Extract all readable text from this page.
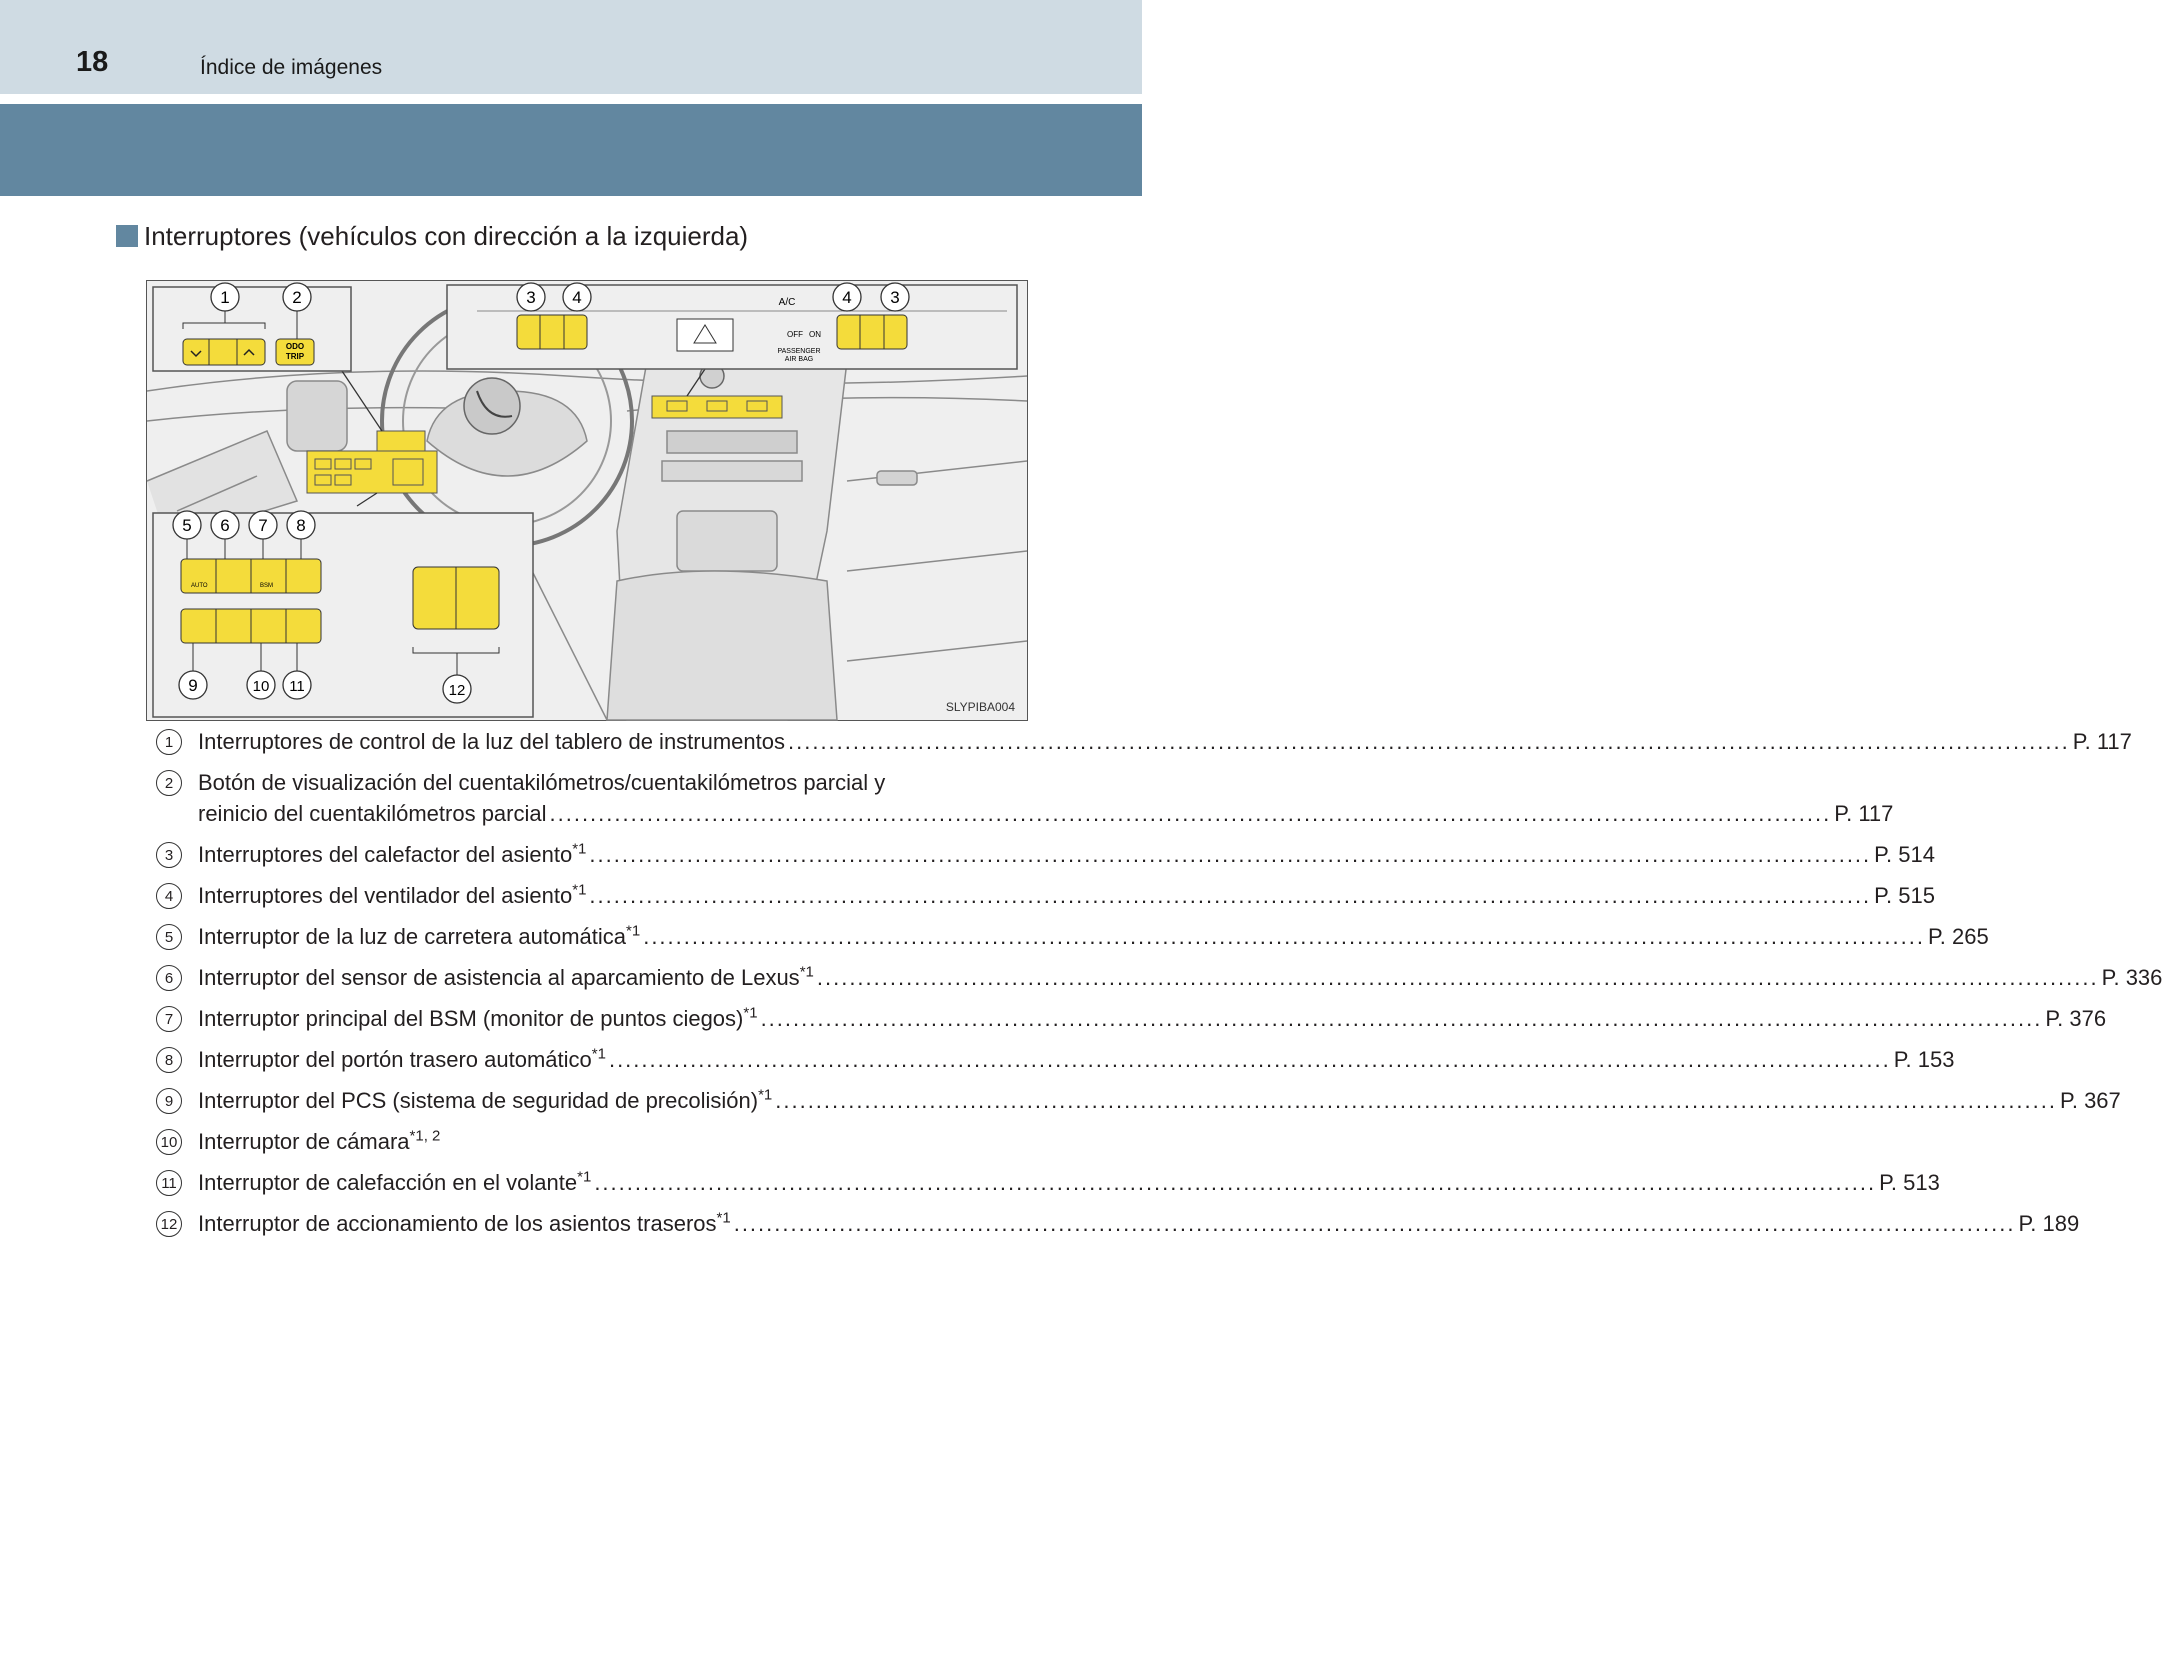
18	Índice de imágenes
Interruptores (vehículos con dirección a la izquierda)
ODO
TRIP
1	2
OFF ON
PASSENGER
AIR BAG
A/C
3 4	4 3
AUTO	BSM
5 6 7 8
9	10 11	12
SLYPIBA004
1	Interruptores de control de la luz del tablero de instrumentos .....	P. 117
2	Botón de visualización del cuentakilómetros/cuentakilómetros parcial y
reinicio del cuentakilómetros parcial .....	P. 117
3	Interruptores del calefactor del asiento$^{*1}$ .....	P. 514
4	Interruptores del ventilador del asiento$^{*1}$ .....	P. 515
5	Interruptor de la luz de carretera automática$^{*1}$ .....	P. 265
6	Interruptor del sensor de asistencia al aparcamiento de Lexus$^{*1}$ .....	P. 336
7	Interruptor principal del BSM (monitor de puntos ciegos)$^{*1}$ .....	P. 376
8	Interruptor del portón trasero automático$^{*1}$ .....	P. 153
9	Interruptor del PCS (sistema de seguridad de precolisión)$^{*1}$ .....	P. 367
10 Interruptor de cámara$^{*1, 2}$
11 Interruptor de calefacción en el volante$^{*1}$ .....	P. 513
12 Interruptor de accionamiento de los asientos traseros$^{*1}$ .....	P. 189
